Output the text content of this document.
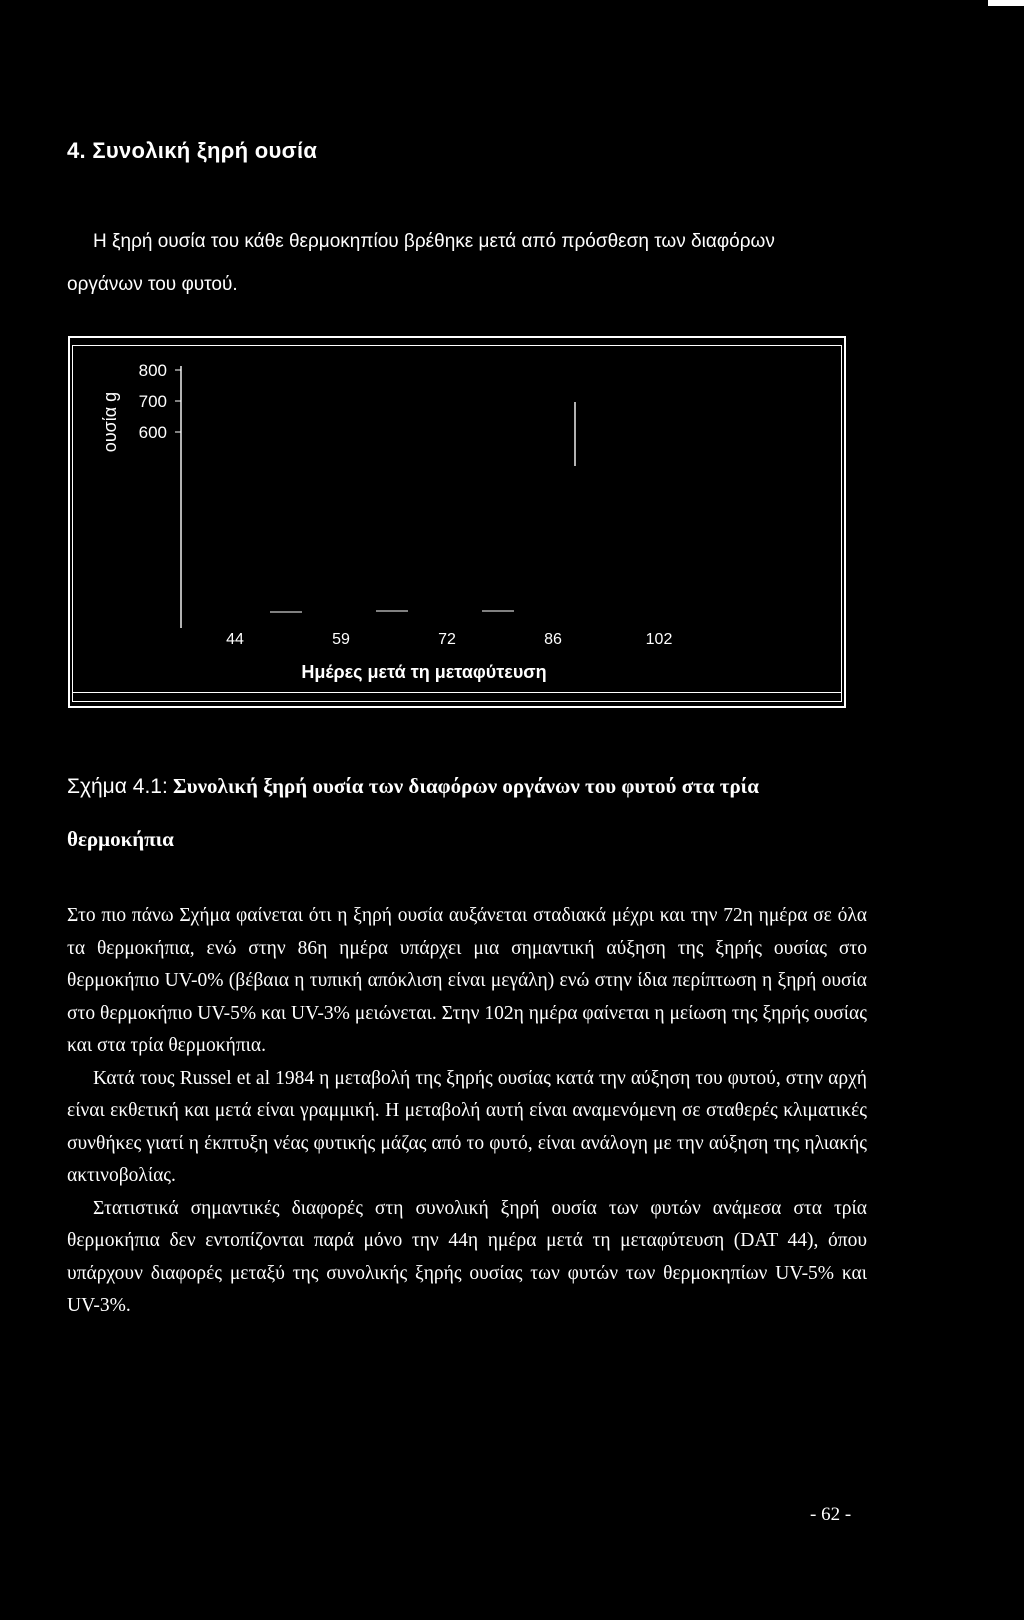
4. Συνολική ξηρή ουσία
Η ξηρή ουσία του κάθε θερμοκηπίου βρέθηκε μετά από πρόσθεση των διαφόρων
οργάνων του φυτού.
ουσία g
800
700
600
44	59	72	86	102
Ημέρες μετά τη μεταφύτευση
Σχήμα 4.1: Συνολική ξηρή ουσία των διαφόρων οργάνων του φυτού στα τρία
θερμοκήπια

Στο πιο πάνω Σχήμα φαίνεται ότι η ξηρή ουσία αυξάνεται σταδιακά μέχρι και την 72η ημέρα σε όλα τα θερμοκήπια, ενώ στην 86η ημέρα υπάρχει μια σημαντική αύξηση της ξηρής ουσίας στο θερμοκήπιο UV-0% (βέβαια η τυπική απόκλιση είναι μεγάλη) ενώ στην ίδια περίπτωση η ξηρή ουσία στο θερμοκήπιο UV-5% και UV-3% μειώνεται. Στην 102η ημέρα φαίνεται η μείωση της ξηρής ουσίας και στα τρία θερμοκήπια.

Κατά τους Russel et al 1984 η μεταβολή της ξηρής ουσίας κατά την αύξηση του φυτού, στην αρχή είναι εκθετική και μετά είναι γραμμική. Η μεταβολή αυτή είναι αναμενόμενη σε σταθερές κλιματικές συνθήκες γιατί η έκπτυξη νέας φυτικής μάζας από το φυτό, είναι ανάλογη με την αύξηση της ηλιακής ακτινοβολίας.

Στατιστικά σημαντικές διαφορές στη συνολική ξηρή ουσία των φυτών ανάμεσα στα τρία θερμοκήπια δεν εντοπίζονται παρά μόνο την 44η ημέρα μετά τη μεταφύτευση (DAT 44), όπου υπάρχουν διαφορές μεταξύ της συνολικής ξηρής ουσίας των φυτών των θερμοκηπίων UV-5% και UV-3%.

- 62 -
